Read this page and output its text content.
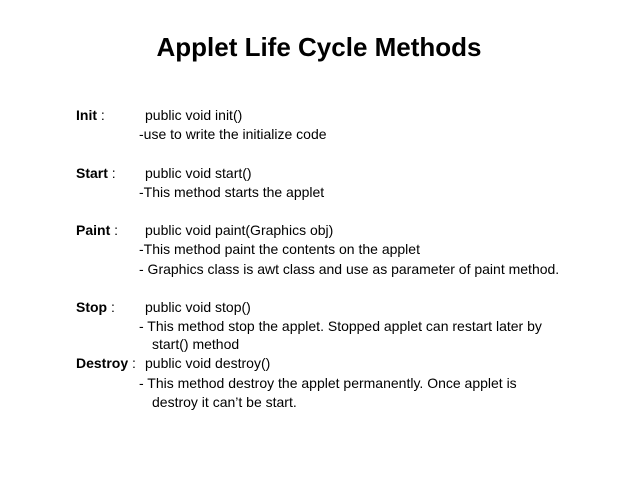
Applet Life Cycle Methods
Init :	public void init()
-use to write the initialize code
Start : public void start()
-This method starts the applet
Paint : public void paint(Graphics obj)
-This method paint the contents on the applet
- Graphics class is awt class and use as parameter of paint method.
Stop : public void stop()
- This method stop the applet. Stopped applet can restart later by
start() method
Destroy : public void destroy()
- This method destroy the applet permanently. Once applet is
destroy it can’t be start.
